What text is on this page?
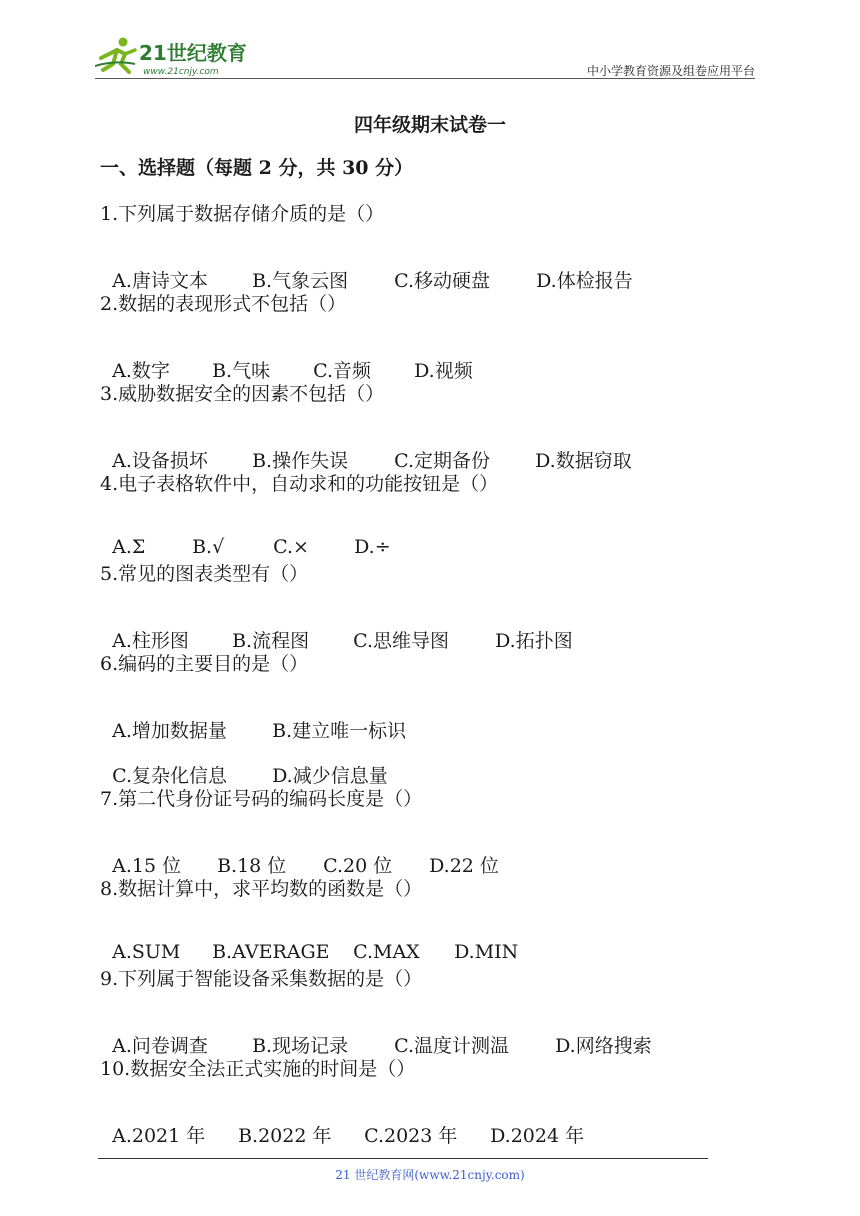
21世纪教育
www.21cnjy.com	中小学教育资源及组卷应用平台
四年级期末试卷一
一、选择题（每题 2 分，共 30 分）
1.下列属于数据存储介质的是（）

A.唐诗文本 B.气象云图 C.移动硬盘 D.体检报告

2.数据的表现形式不包括（）

A.数字 B.气味 C.音频 D.视频

3.威胁数据安全的因素不包括（）

A.设备损坏 B.操作失误 C.定期备份 D.数据窃取

4.电子表格软件中，自动求和的功能按钮是（）

A.Σ B.√	C.× D.÷

5.常见的图表类型有（）

A.柱形图 B.流程图 C.思维导图 D.拓扑图

6.编码的主要目的是（）

A.增加数据量 B.建立唯一标识

C.复杂化信息 D.减少信息量

7.第二代身份证号码的编码长度是（）

A.15 位 B.18 位 C.20 位 D.22 位

8.数据计算中，求平均数的函数是（）

A.SUM B.AVERAGE C.MAX D.MIN

9.下列属于智能设备采集数据的是（）

A.问卷调查 B.现场记录 C.温度计测温 D.网络搜索

10.数据安全法正式实施的时间是（）

A.2021 年 B.2022 年 C.2023 年 D.2024 年

21 世纪教育网(www.21cnjy.com)
